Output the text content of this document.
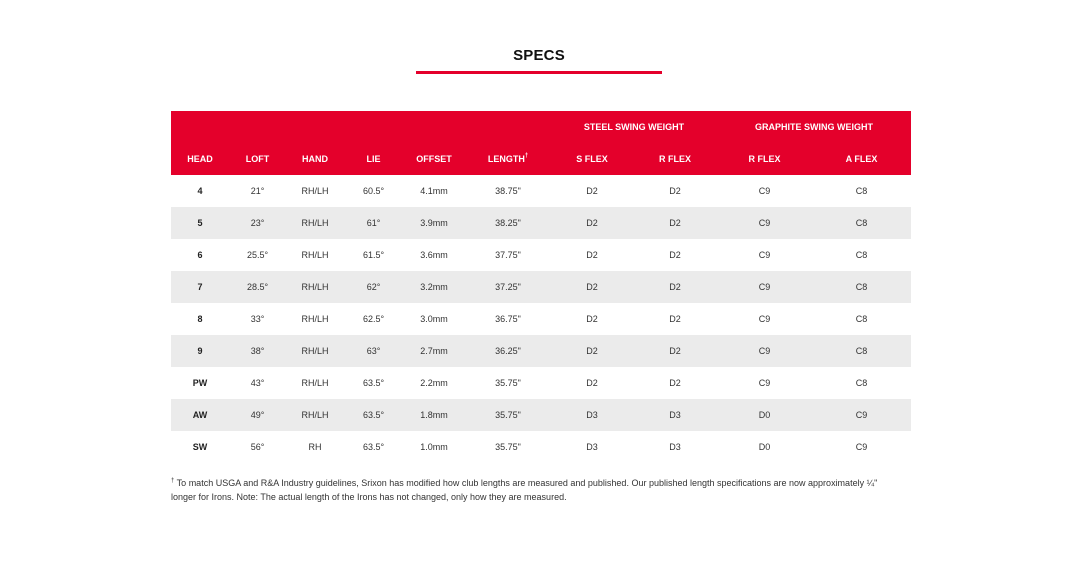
SPECS
						STEEL SWING WEIGHT		GRAPHITE SWING WEIGHT	
HEAD	LOFT	HAND	LIE	OFFSET	LENGTH†	S FLEX	R FLEX	R FLEX	A FLEX
4	21°	RH/LH	60.5°	4.1mm	38.75"	D2	D2	C9	C8
5	23°	RH/LH	61°	3.9mm	38.25"	D2	D2	C9	C8
6	25.5°	RH/LH	61.5°	3.6mm	37.75"	D2	D2	C9	C8
7	28.5°	RH/LH	62°	3.2mm	37.25"	D2	D2	C9	C8
8	33°	RH/LH	62.5°	3.0mm	36.75"	D2	D2	C9	C8
9	38°	RH/LH	63°	2.7mm	36.25"	D2	D2	C9	C8
PW	43°	RH/LH	63.5°	2.2mm	35.75"	D2	D2	C9	C8
AW	49°	RH/LH	63.5°	1.8mm	35.75"	D3	D3	D0	C9
SW	56°	RH	63.5°	1.0mm	35.75"	D3	D3	D0	C9
† To match USGA and R&A Industry guidelines, Srixon has modified how club lengths are measured and published. Our published length specifications are now approximately ¼" longer for Irons. Note: The actual length of the Irons has not changed, only how they are measured.
